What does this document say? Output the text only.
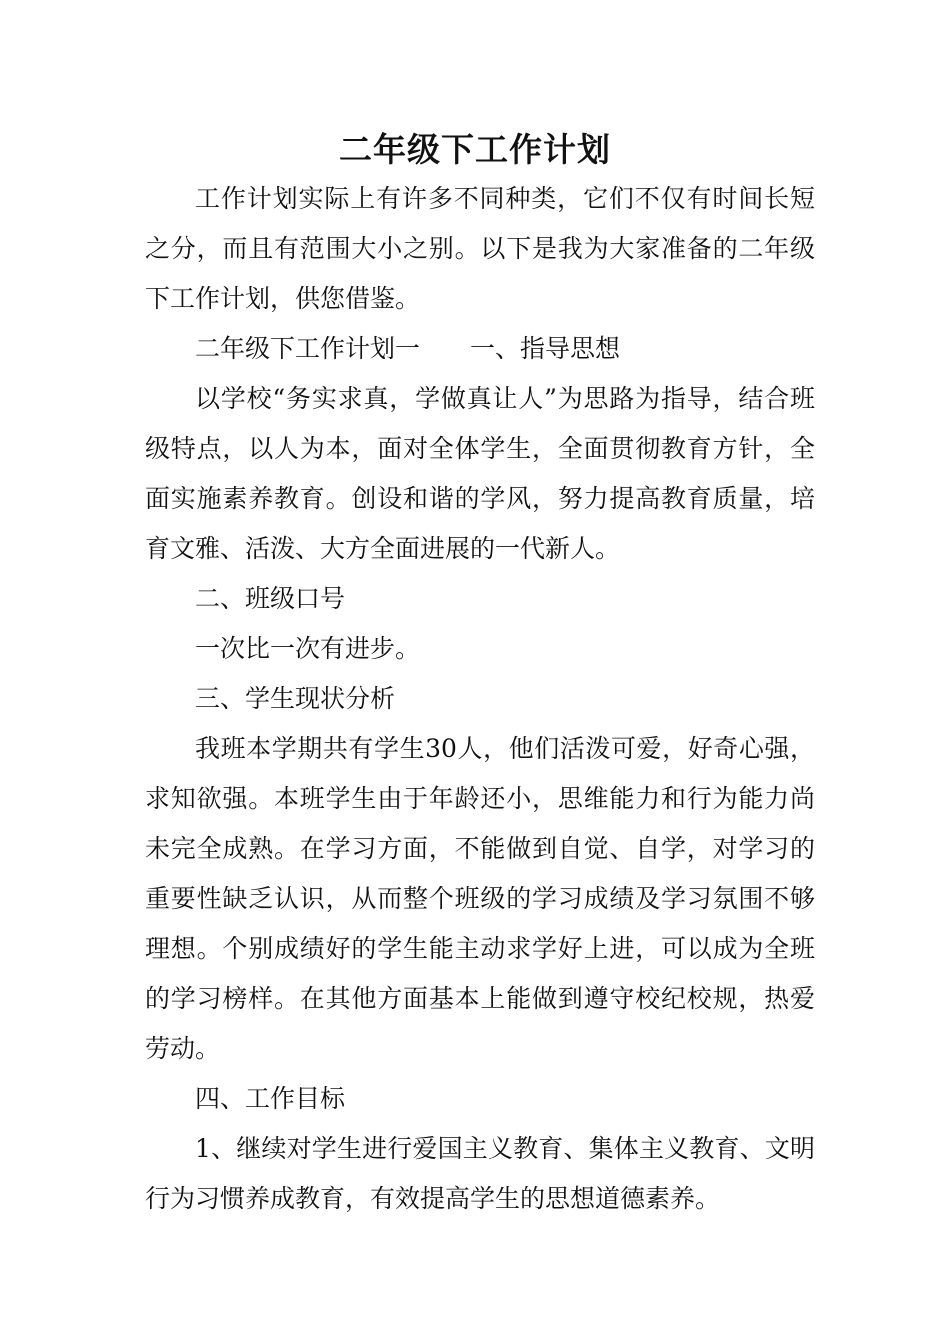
二年级下工作计划

工作计划实际上有许多不同种类，它们不仅有时间长短之分，而且有范围大小之别。以下是我为大家准备的二年级下工作计划，供您借鉴。

二年级下工作计划一 一、指导思想

以学校“务实求真，学做真让人”为思路为指导，结合班级特点，以人为本，面对全体学生，全面贯彻教育方针，全面实施素养教育。创设和谐的学风，努力提高教育质量，培育文雅、活泼、大方全面进展的一代新人。

二、班级口号

一次比一次有进步。

三、学生现状分析

我班本学期共有学生30人，他们活泼可爱，好奇心强，求知欲强。本班学生由于年龄还小，思维能力和行为能力尚未完全成熟。在学习方面，不能做到自觉、自学，对学习的重要性缺乏认识，从而整个班级的学习成绩及学习氛围不够理想。个别成绩好的学生能主动求学好上进，可以成为全班的学习榜样。在其他方面基本上能做到遵守校纪校规，热爱劳动。

四、工作目标

1、继续对学生进行爱国主义教育、集体主义教育、文明行为习惯养成教育，有效提高学生的思想道德素养。
